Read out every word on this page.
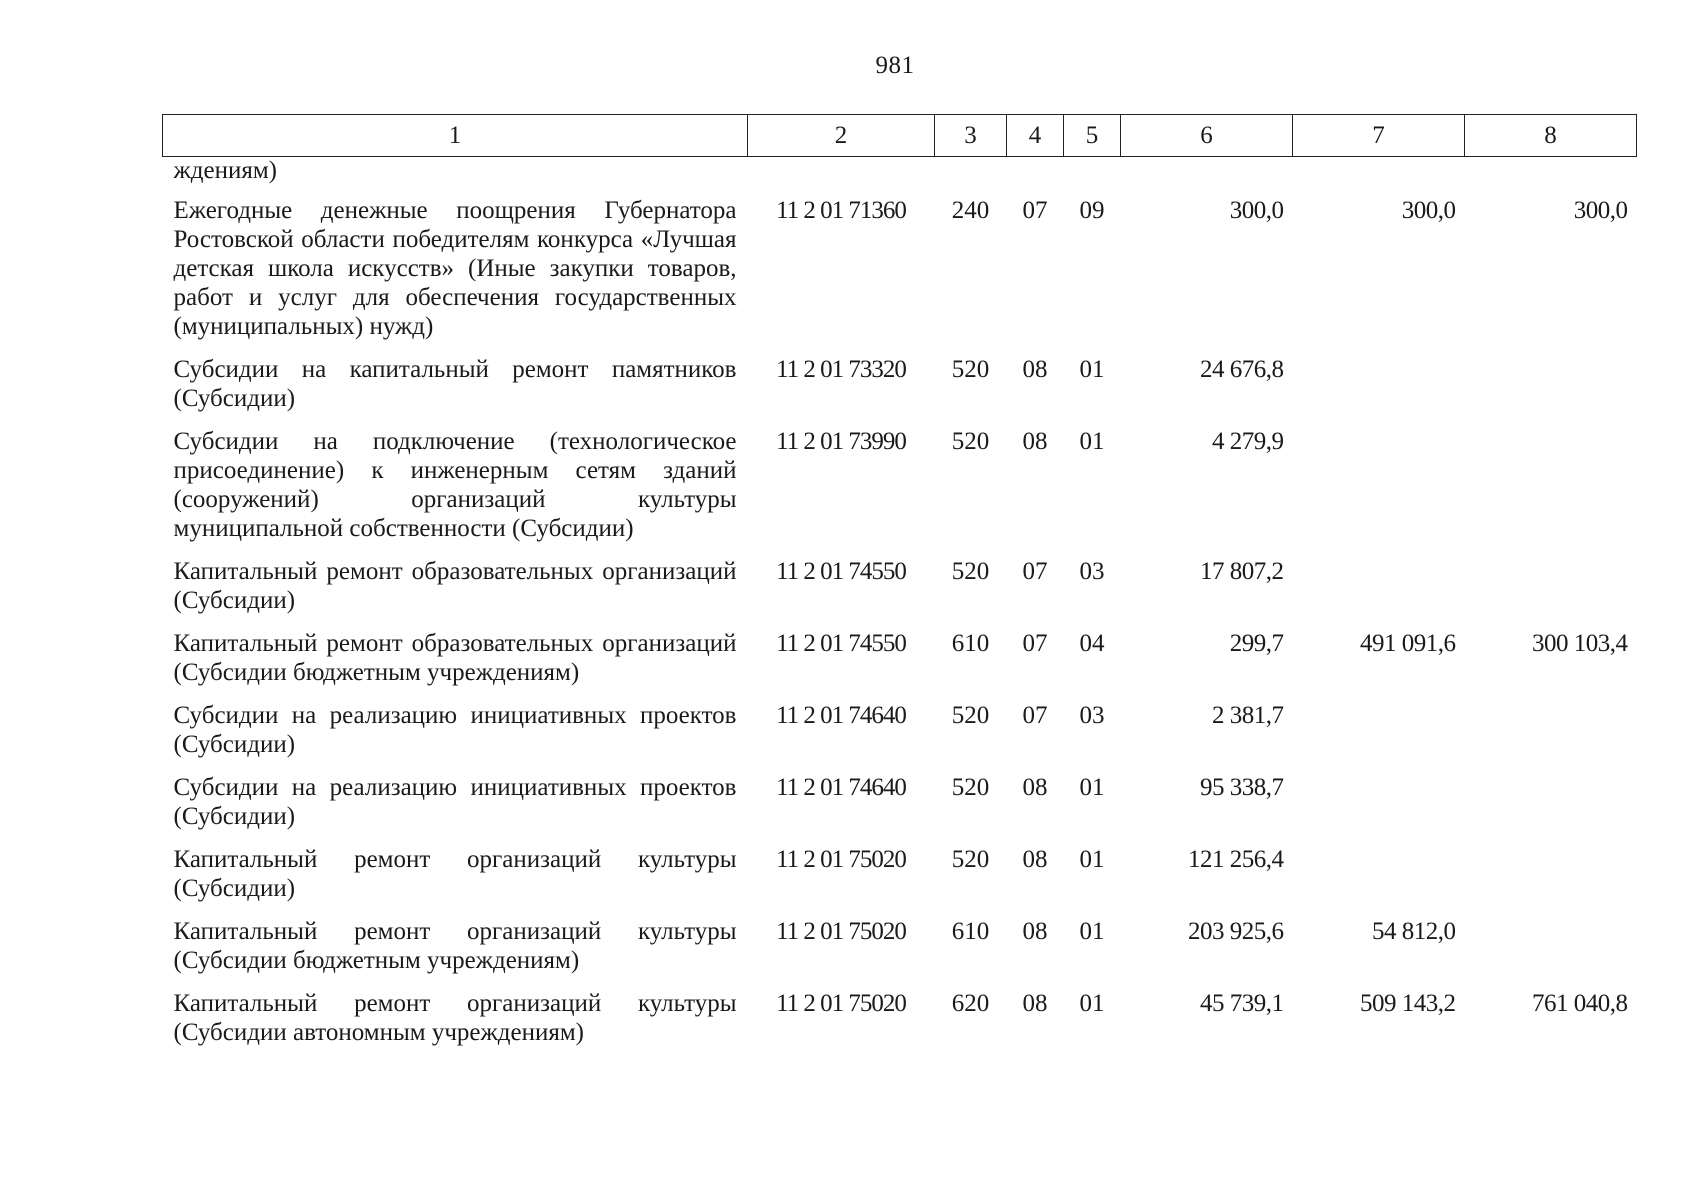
981
1	2	3	4	5	6	7	8
ждениям)							
Ежегодные денежные поощрения Губернатора Ростовской области победителям конкурса «Лучшая детская школа искусств» (Иные закупки товаров, работ и услуг для обеспечения государственных (муниципальных) нужд)	11 2 01 71360	240	07	09	300,0	300,0	300,0
Субсидии на капитальный ремонт памятников (Субсидии)	11 2 01 73320	520	08	01	24 676,8		
Субсидии на подключение (технологическое присоединение) к инженерным сетям зданий (сооружений) организаций культуры муниципальной собственности (Субсидии)	11 2 01 73990	520	08	01	4 279,9		
Капитальный ремонт образовательных организаций (Субсидии)	11 2 01 74550	520	07	03	17 807,2		
Капитальный ремонт образовательных организаций (Субсидии бюджетным учреждениям)	11 2 01 74550	610	07	04	299,7	491 091,6	300 103,4
Субсидии на реализацию инициативных проектов (Субсидии)	11 2 01 74640	520	07	03	2 381,7		
Субсидии на реализацию инициативных проектов (Субсидии)	11 2 01 74640	520	08	01	95 338,7		
Капитальный ремонт организаций культуры (Субсидии)	11 2 01 75020	520	08	01	121 256,4		
Капитальный ремонт организаций культуры (Субсидии бюджетным учреждениям)	11 2 01 75020	610	08	01	203 925,6	54 812,0	
Капитальный ремонт организаций культуры (Субсидии автономным учреждениям)	11 2 01 75020	620	08	01	45 739,1	509 143,2	761 040,8
